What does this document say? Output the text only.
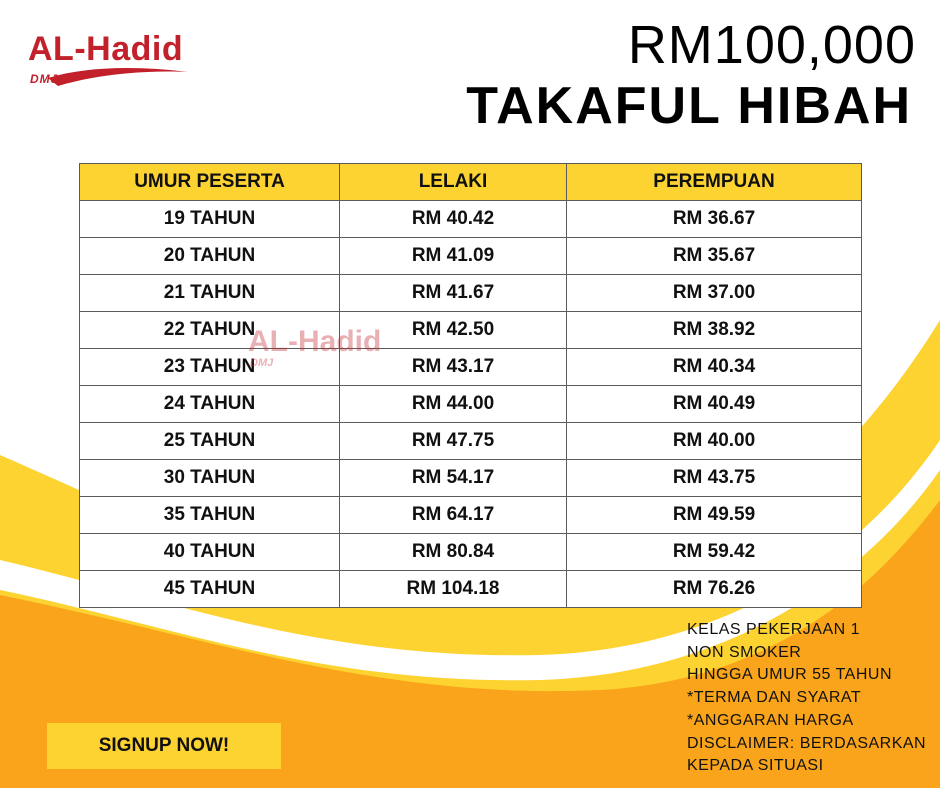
AL-Hadid
DMJ
RM100,000
TAKAFUL HIBAH
UMUR PESERTA	LELAKI	PEREMPUAN
19 TAHUN	RM 40.42	RM 36.67
20 TAHUN	RM 41.09	RM 35.67
21 TAHUN	RM 41.67	RM 37.00
22 TAHUN	RM 42.50	RM 38.92
23 TAHUN	RM 43.17	RM 40.34
24 TAHUN	RM 44.00	RM 40.49
25 TAHUN	RM 47.75	RM 40.00
30 TAHUN	RM 54.17	RM 43.75
35 TAHUN	RM 64.17	RM 49.59
40 TAHUN	RM 80.84	RM 59.42
45 TAHUN	RM 104.18	RM 76.26
AL-Hadid
DMJ
KELAS PEKERJAAN 1
NON SMOKER
HINGGA UMUR 55 TAHUN
*TERMA DAN SYARAT
*ANGGARAN HARGA
DISCLAIMER: BERDASARKAN
KEPADA SITUASI
SIGNUP NOW!
